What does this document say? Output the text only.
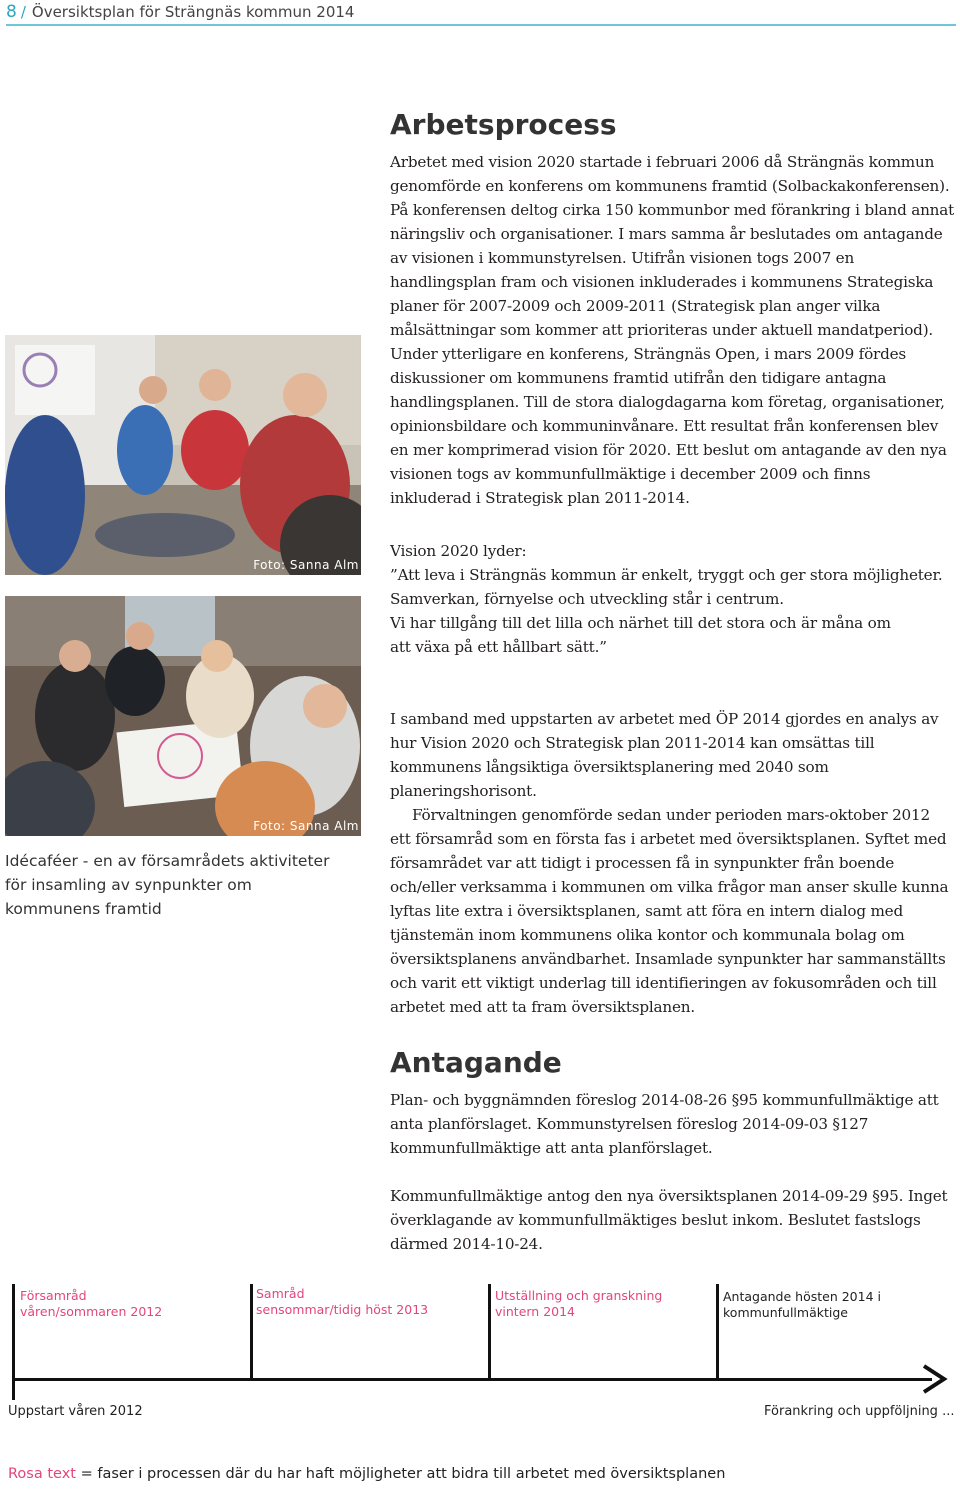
8 / Översiktsplan för Strängnäs kommun 2014
Foto: Sanna Alm
Foto: Sanna Alm
Idécaféer - en av församrådets aktiviteter för insamling av synpunkter om kommunens framtid
Arbetsprocess

Arbetet med vision 2020 startade i februari 2006 då Strängnäs kommun genomförde en konferens om kommunens framtid (Solbackakonferensen). På konferensen deltog cirka 150 kommunbor med förankring i bland annat näringsliv och organisationer. I mars samma år beslutades om antagande av visionen i kommunstyrelsen. Utifrån visionen togs 2007 en handlingsplan fram och visionen inkluderades i kommunens Strategiska planer för 2007-2009 och 2009-2011 (Strategisk plan anger vilka målsättningar som kommer att prioriteras under aktuell mandatperiod). Under ytterligare en konferens, Strängnäs Open, i mars 2009 fördes diskussioner om kommunens framtid utifrån den tidigare antagna handlingsplanen. Till de stora dialogdagarna kom företag, organisationer, opinionsbildare och kommuninvånare. Ett resultat från konferensen blev en mer komprimerad vision för 2020. Ett beslut om antagande av den nya visionen togs av kommunfullmäktige i december 2009 och finns inkluderad i Strategisk plan 2011-2014.

Vision 2020 lyder:

”Att leva i Strängnäs kommun är enkelt, tryggt och ger stora möjligheter.

Samverkan, förnyelse och utveckling står i centrum.

Vi har tillgång till det lilla och närhet till det stora och är måna om att växa på ett hållbart sätt.”

I samband med uppstarten av arbetet med ÖP 2014 gjordes en analys av hur Vision 2020 och Strategisk plan 2011-2014 kan omsättas till kommunens långsiktiga översiktsplanering med 2040 som planeringshorisont.

Förvaltningen genomförde sedan under perioden mars-oktober 2012 ett församråd som en första fas i arbetet med översiktsplanen. Syftet med församrådet var att tidigt i processen få in synpunkter från boende och/eller verksamma i kommunen om vilka frågor man anser skulle kunna lyftas lite extra i översiktsplanen, samt att föra en intern dialog med tjänstemän inom kommunens olika kontor och kommunala bolag om översiktsplanens användbarhet. Insamlade synpunkter har sammanställts och varit ett viktigt underlag till identifieringen av fokusområden och till arbetet med att ta fram översiktsplanen.

Antagande

Plan- och byggnämnden föreslog 2014-08-26 §95 kommunfullmäktige att anta planförslaget. Kommunstyrelsen föreslog 2014-09-03 §127 kommunfullmäktige att anta planförslaget.

Kommunfullmäktige antog den nya översiktsplanen 2014-09-29 §95. Inget överklagande av kommunfullmäktiges beslut inkom. Beslutet fastslogs därmed 2014-10-24.

Församråd
våren/sommaren 2012
Samråd
sensommar/tidig höst 2013
Utställning och granskning
vintern 2014
Antagande hösten 2014 i
kommunfullmäktige
Uppstart våren 2012	Förankring och uppföljning ...
Rosa text = faser i processen där du har haft möjligheter att bidra till arbetet med översiktsplanen
